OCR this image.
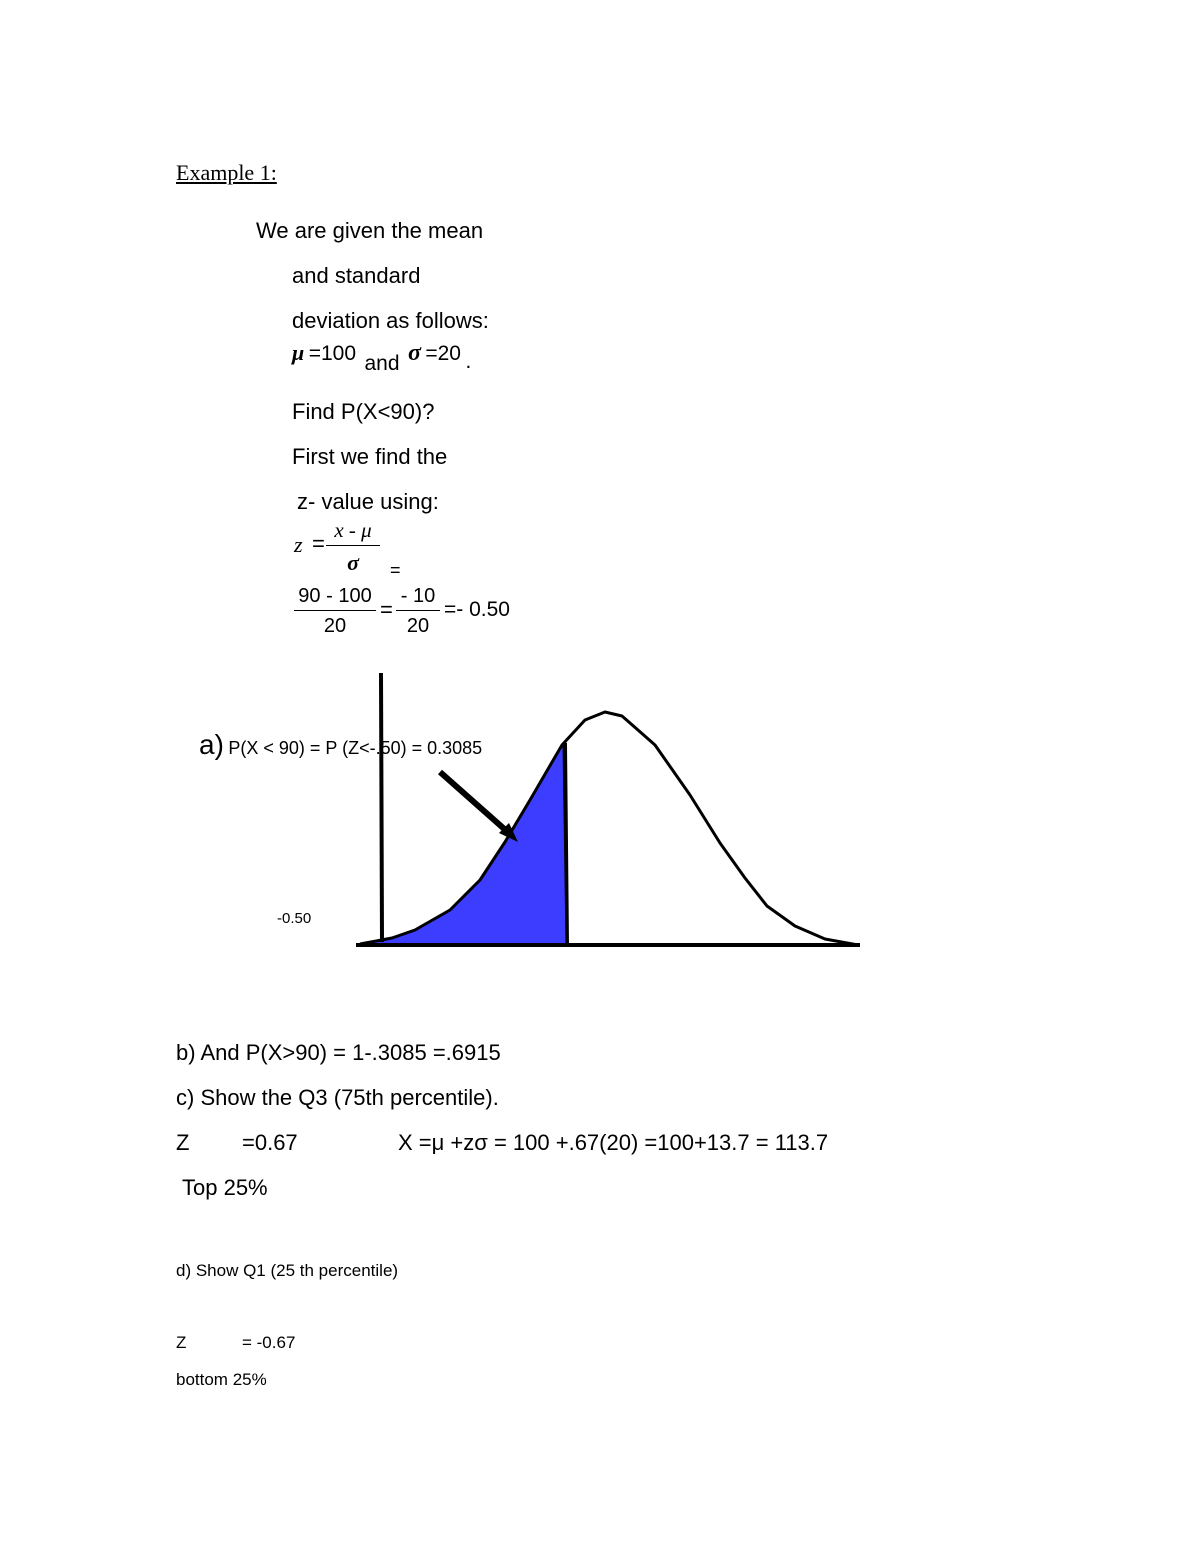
Example 1:
We are given the mean
and standard
deviation as follows:
μ =100 and σ =20 .
Find P(X<90)?
First we find the
z- value using:
$z = \frac{x - \mu}{\sigma}$ =
$\frac{90 - 100}{20} = \frac{- 10}{20} =- 0.50$
a) P(X < 90) = P (Z<-.50) = 0.3085
-0.50
b) And P(X>90) = 1-.3085 =.6915
c) Show the Q3 (75th percentile).
Z =0.67	X =μ +zσ = 100 +.67(20) =100+13.7 = 113.7
Top 25%
d) Show Q1 (25 th percentile)
Z	= -0.67
bottom 25%
